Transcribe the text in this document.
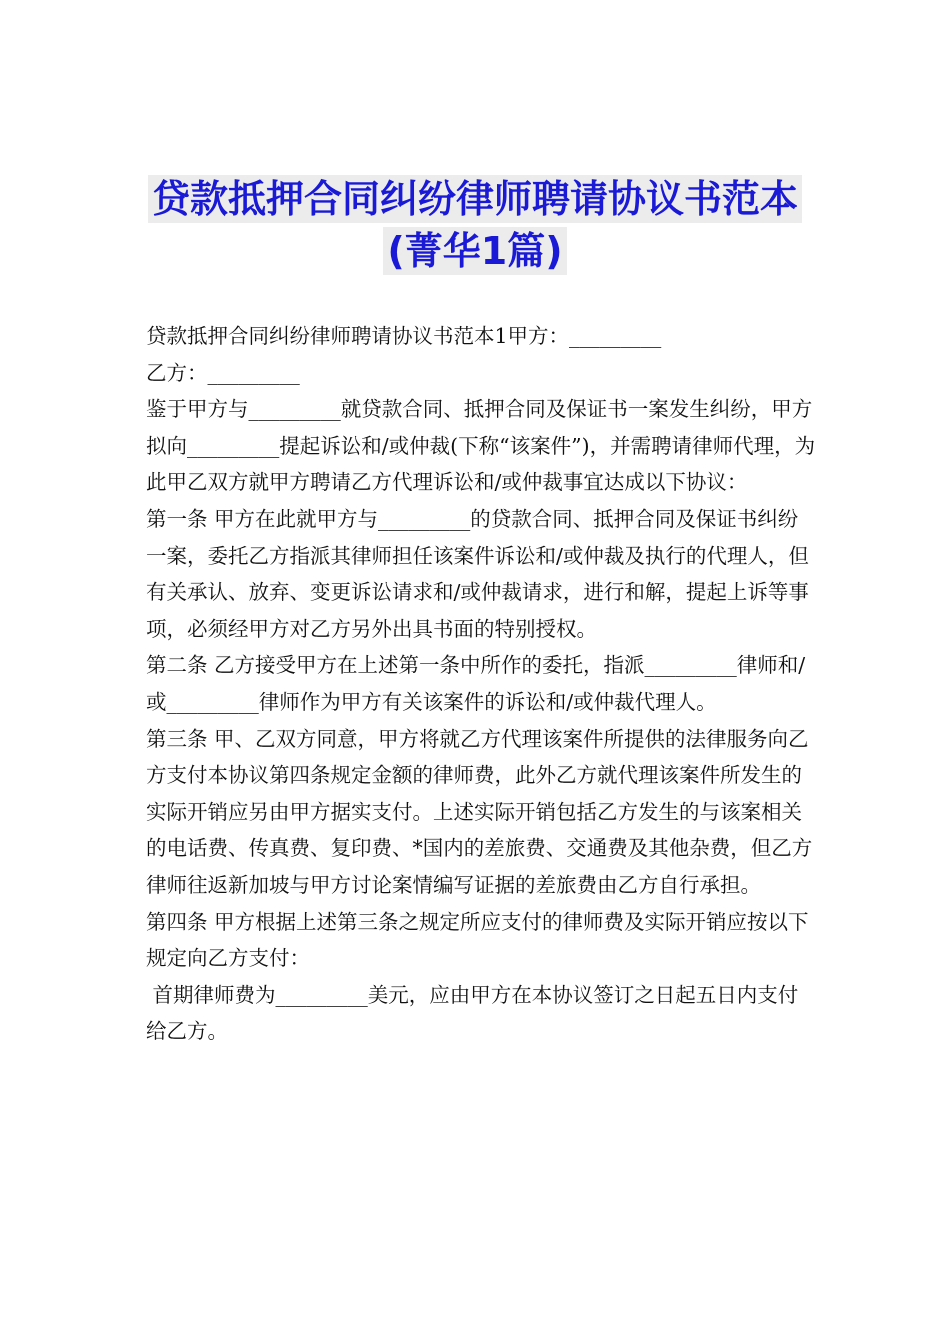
贷款抵押合同纠纷律师聘请协议书范本
(菁华1篇)

贷款抵押合同纠纷律师聘请协议书范本1甲方：_________

乙方：_________

鉴于甲方与_________就贷款合同、抵押合同及保证书一案发生纠纷，甲方拟向_________提起诉讼和/或仲裁(下称“该案件”)，并需聘请律师代理，为此甲乙双方就甲方聘请乙方代理诉讼和/或仲裁事宜达成以下协议：

第一条 甲方在此就甲方与_________的贷款合同、抵押合同及保证书纠纷一案，委托乙方指派其律师担任该案件诉讼和/或仲裁及执行的代理人，但有关承认、放弃、变更诉讼请求和/或仲裁请求，进行和解，提起上诉等事项，必须经甲方对乙方另外出具书面的特别授权。

第二条 乙方接受甲方在上述第一条中所作的委托，指派_________律师和/或_________律师作为甲方有关该案件的诉讼和/或仲裁代理人。

第三条 甲、乙双方同意，甲方将就乙方代理该案件所提供的法律服务向乙方支付本协议第四条规定金额的律师费，此外乙方就代理该案件所发生的实际开销应另由甲方据实支付。上述实际开销包括乙方发生的与该案相关的电话费、传真费、复印费、*国内的差旅费、交通费及其他杂费，但乙方律师往返新加坡与甲方讨论案情编写证据的差旅费由乙方自行承担。

第四条 甲方根据上述第三条之规定所应支付的律师费及实际开销应按以下规定向乙方支付：

首期律师费为_________美元，应由甲方在本协议签订之日起五日内支付给乙方。
